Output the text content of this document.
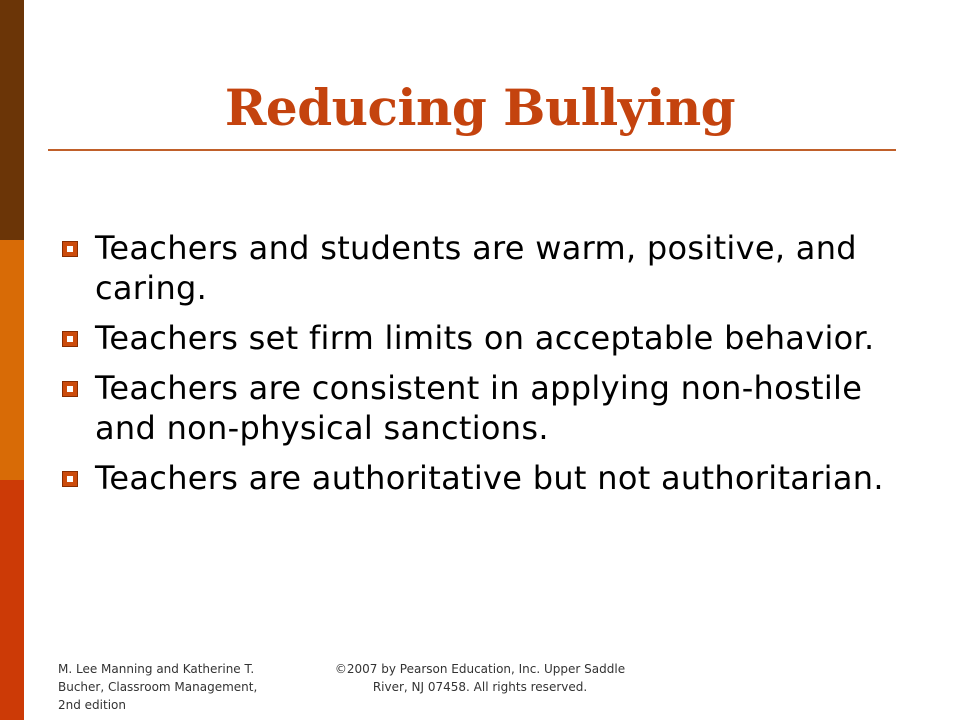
Reducing Bullying
Teachers and students are warm, positive, and caring.
Teachers set firm limits on acceptable behavior.
Teachers are consistent in applying non-hostile and non-physical sanctions.
Teachers are authoritative but not authoritarian.
M. Lee Manning and Katherine T. Bucher, Classroom Management, 2nd edition
©2007 by Pearson Education, Inc. Upper Saddle River, NJ 07458. All rights reserved.
